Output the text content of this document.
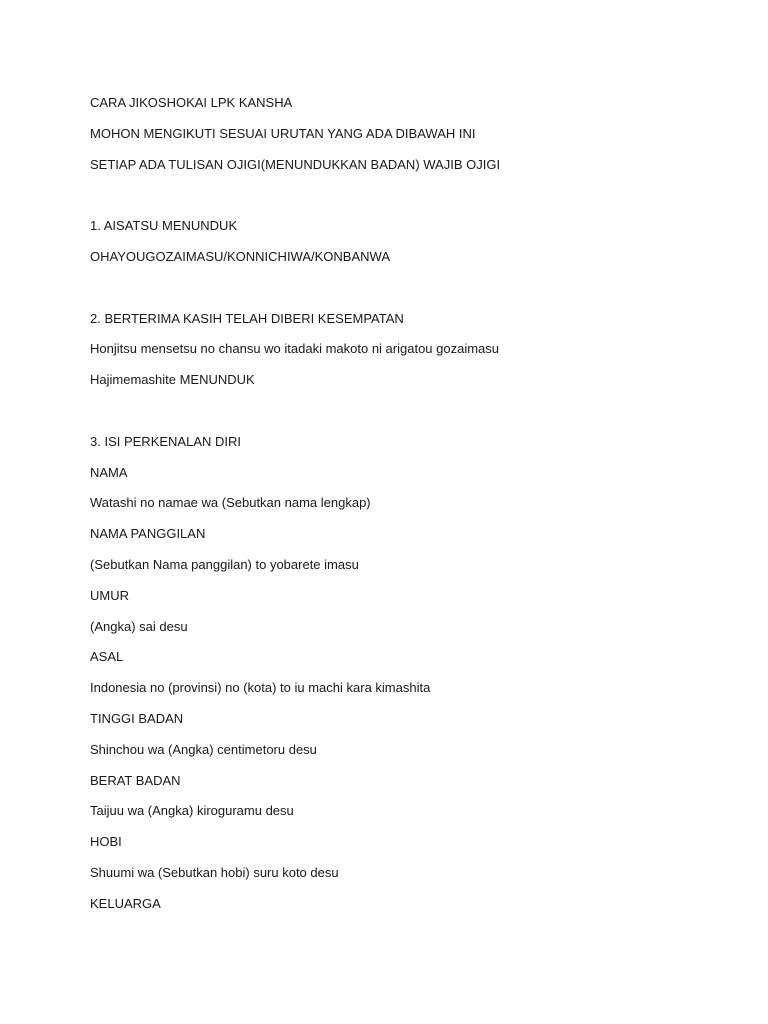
CARA JIKOSHOKAI LPK KANSHA
MOHON MENGIKUTI SESUAI URUTAN YANG ADA DIBAWAH INI
SETIAP ADA TULISAN OJIGI(MENUNDUKKAN BADAN) WAJIB OJIGI
1. AISATSU MENUNDUK
OHAYOUGOZAIMASU/KONNICHIWA/KONBANWA
2. BERTERIMA KASIH TELAH DIBERI KESEMPATAN
Honjitsu mensetsu no chansu wo itadaki makoto ni arigatou gozaimasu
Hajimemashite MENUNDUK
3. ISI PERKENALAN DIRI
NAMA
Watashi no namae wa (Sebutkan nama lengkap)
NAMA PANGGILAN
(Sebutkan Nama panggilan) to yobarete imasu
UMUR
(Angka) sai desu
ASAL
Indonesia no (provinsi) no (kota) to iu machi kara kimashita
TINGGI BADAN
Shinchou wa (Angka) centimetoru desu
BERAT BADAN
Taijuu wa (Angka) kiroguramu desu
HOBI
Shuumi wa (Sebutkan hobi) suru koto desu
KELUARGA
